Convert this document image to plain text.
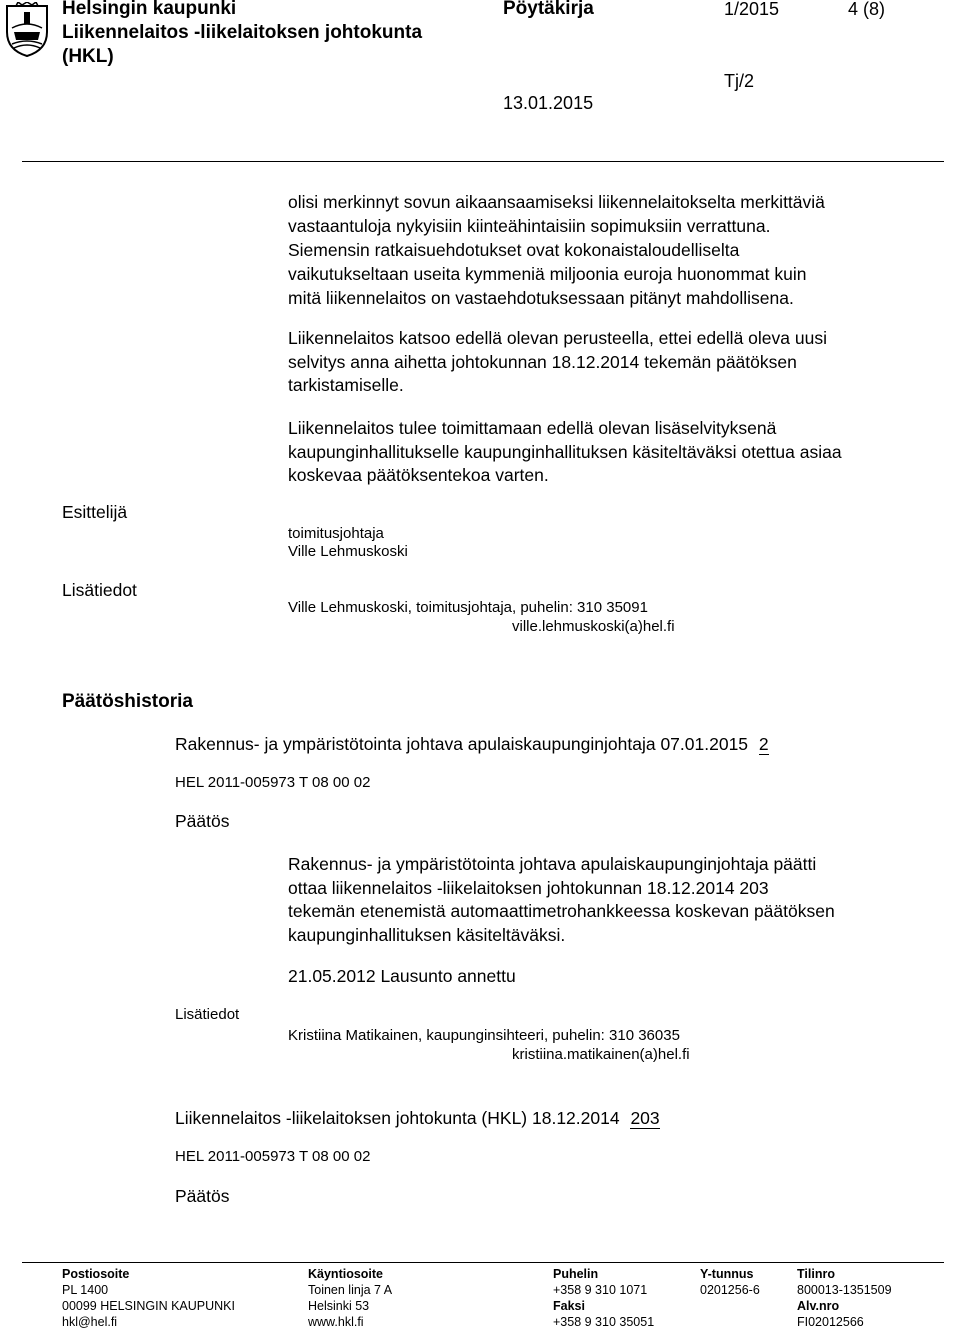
Helsingin kaupunki
Liikennelaitos -liikelaitoksen johtokunta
(HKL)
Pöytäkirja	1/2015	4 (8)
13.01.2015
Tj/2
olisi merkinnyt sovun aikaansaamiseksi liikennelaitokselta merkittäviä
vastaantuloja nykyisiin kiinteähintaisiin sopimuksiin verrattuna.
Siemensin ratkaisuehdotukset ovat kokonaistaloudelliselta
vaikutukseltaan useita kymmeniä miljoonia euroja huonommat kuin
mitä liikennelaitos on vastaehdotuksessaan pitänyt mahdollisena.
Liikennelaitos katsoo edellä olevan perusteella, ettei edellä oleva uusi
selvitys anna aihetta johtokunnan 18.12.2014 tekemän päätöksen
tarkistamiselle.
Liikennelaitos tulee toimittamaan edellä olevan lisäselvityksenä
kaupunginhallitukselle kaupunginhallituksen käsiteltäväksi otettua asiaa
koskevaa päätöksentekoa varten.
Esittelijä
toimitusjohtaja
Ville Lehmuskoski
Lisätiedot
Ville Lehmuskoski, toimitusjohtaja, puhelin: 310 35091
ville.lehmuskoski(a)hel.fi
Päätöshistoria
Rakennus- ja ympäristötointa johtava apulaiskaupunginjohtaja 07.01.2015 2
HEL 2011-005973 T 08 00 02
Päätös
Rakennus- ja ympäristötointa johtava apulaiskaupunginjohtaja päätti
ottaa liikennelaitos -liikelaitoksen johtokunnan 18.12.2014 203
tekemän etenemistä automaattimetrohankkeessa koskevan päätöksen
kaupunginhallituksen käsiteltäväksi.
21.05.2012 Lausunto annettu
Lisätiedot
Kristiina Matikainen, kaupunginsihteeri, puhelin: 310 36035
kristiina.matikainen(a)hel.fi
Liikennelaitos -liikelaitoksen johtokunta (HKL) 18.12.2014 203
HEL 2011-005973 T 08 00 02
Päätös
Postiosoite
PL 1400
00099 HELSINGIN KAUPUNKI
hkl@hel.fi
Käyntiosoite
Toinen linja 7 A
Helsinki 53
www.hkl.fi
Puhelin
+358 9 310 1071
Faksi
+358 9 310 35051
Y-tunnus
0201256-6
Tilinro
800013-1351509
Alv.nro
FI02012566
